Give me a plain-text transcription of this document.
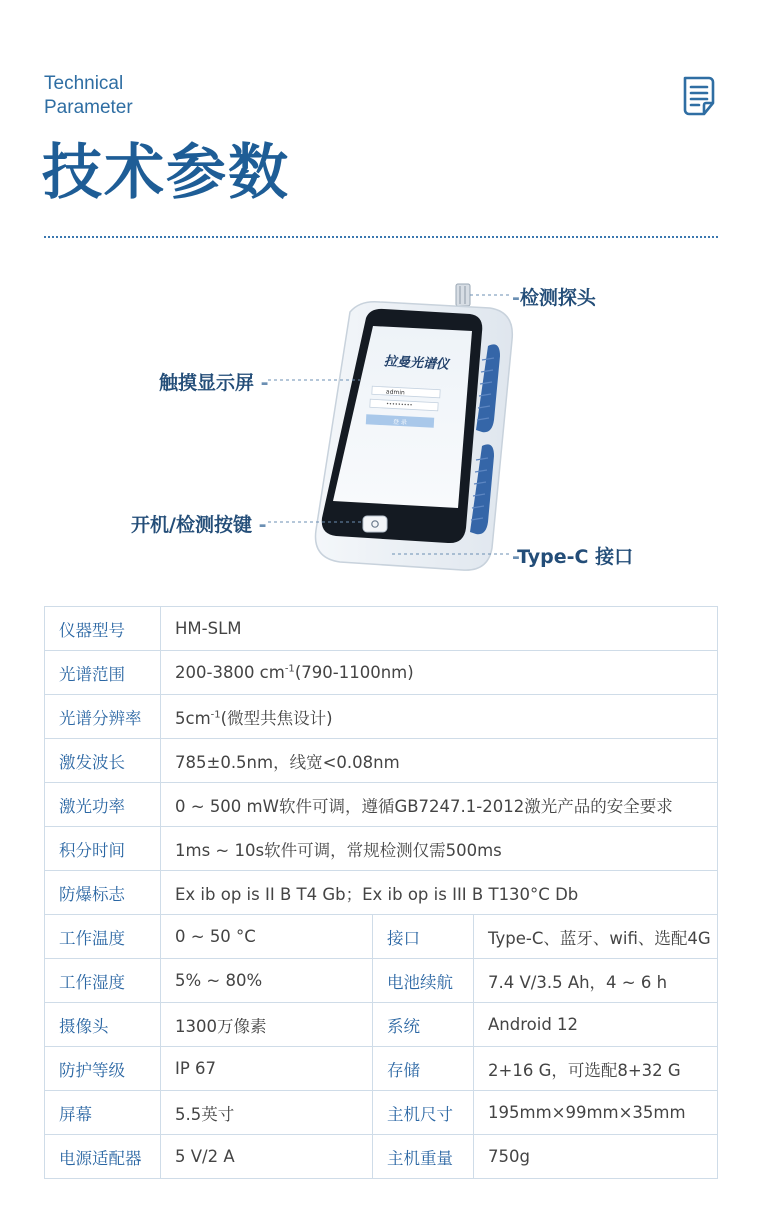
Technical
Parameter
技术参数
拉曼光谱仪
admin
•••••••••
登 录
-检测探头
触摸显示屏 -
开机/检测按键 -
-Type-C 接口
仪器型号	HM-SLM		
光谱范围	200-3800 $cm^{-1}(790-1100nm)$		
光谱分辨率	$5cm^{-1}$(微型共焦设计)		
激发波长	785±0.5nm，线宽<0.08nm		
激光功率	0 ~ 500 mW软件可调，遵循GB7247.1-2012激光产品的安全要求		
积分时间	1ms ~ 10s软件可调，常规检测仅需500ms		
防爆标志	Ex ib op is II B T4 Gb；Ex ib op is III B T130°C Db		
工作温度	0 ~ 50 °C	接口	Type-C、蓝牙、wifi、选配4G
工作湿度	5% ~ 80%	电池续航	7.4 V/3.5 Ah，4 ~ 6 h
摄像头	1300万像素	系统	Android 12
防护等级	IP 67	存储	2+16 G，可选配8+32 G
屏幕	5.5英寸	主机尺寸	195mm×99mm×35mm
电源适配器	5 V/2 A	主机重量	750g
